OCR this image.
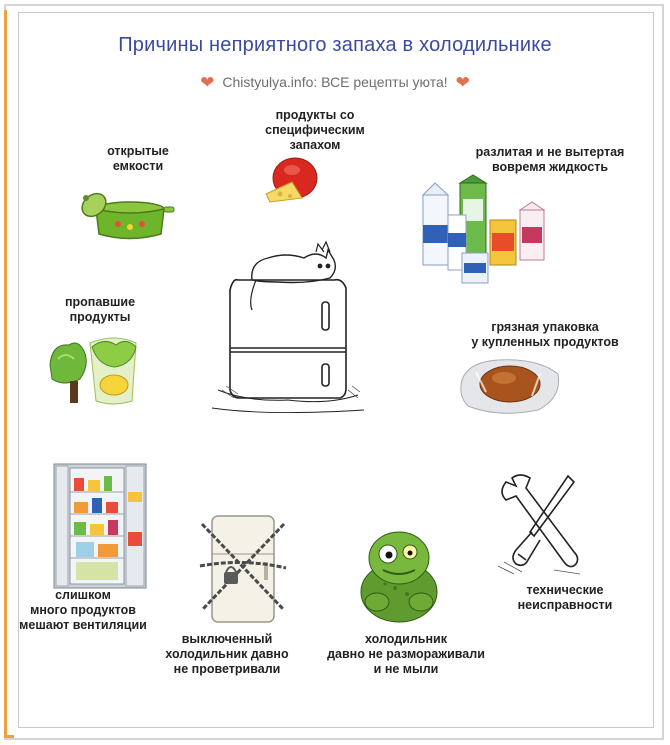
Причины неприятного запаха в холодильнике
❤ Chistyulya.info: ВСЕ рецепты уюта! ❤
открытые
емкости
продукты со
специфическим
запахом	разлитая и не вытертая
вовремя жидкость
пропавшие
продукты
грязная упаковка
у купленных продуктов
слишком
много продуктов
мешают вентиляции
выключенный
холодильник давно
не проветривали
холодильник
давно не размораживали
и не мыли
технические
неисправности
